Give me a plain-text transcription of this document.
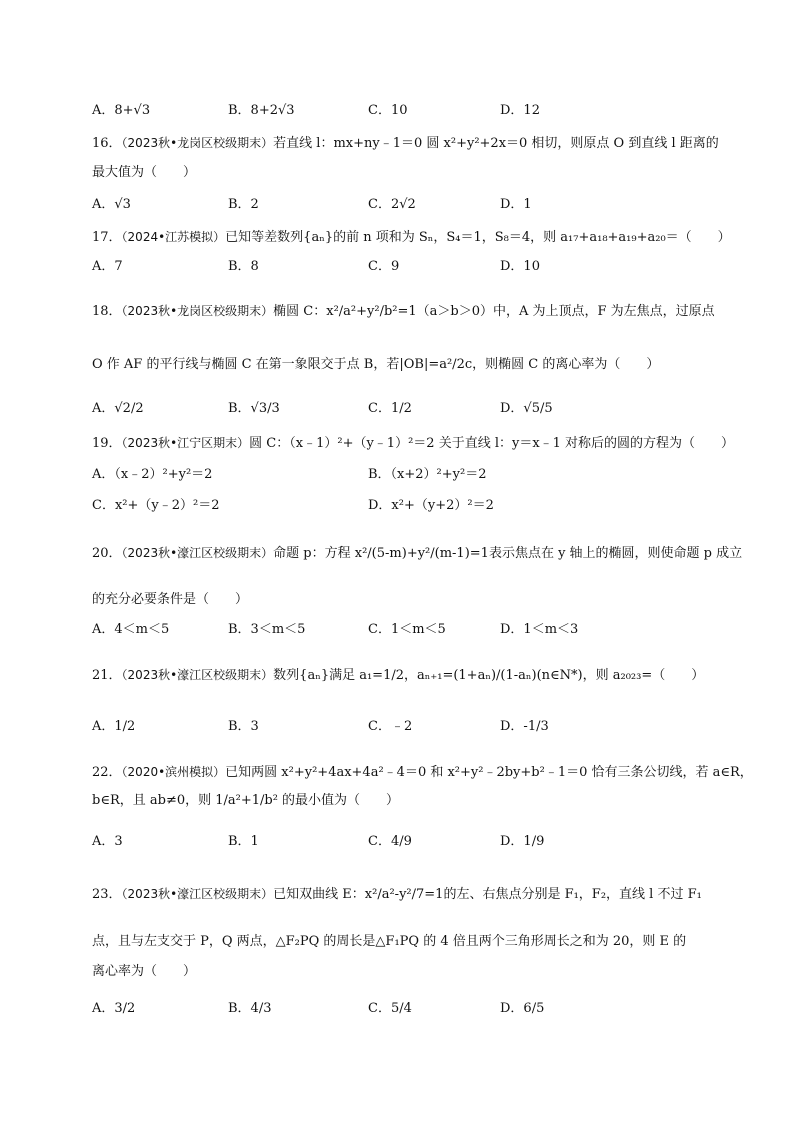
A．8+√3	B．8+2√3	C．10	D．12
16．（2023秋•龙岗区校级期末）若直线 l：mx+ny﹣1＝0 圆 x²+y²+2x＝0 相切，则原点 O 到直线 l 距离的
最大值为（　　）
A．√3	B．2	C．2√2	D．1
17．（2024•江苏模拟）已知等差数列{aₙ}的前 n 项和为 Sₙ，S₄＝1，S₈＝4，则 a₁₇+a₁₈+a₁₉+a₂₀＝（　　）
A．7	B．8	C．9	D．10
18．（2023秋•龙岗区校级期末）椭圆 C：x²/a²+y²/b²=1（a＞b＞0）中，A 为上顶点，F 为左焦点，过原点
O 作 AF 的平行线与椭圆 C 在第一象限交于点 B，若|OB|=a²/2c，则椭圆 C 的离心率为（　　）
A．√2/2	B．√3/3	C．1/2	D．√5/5
19．（2023秋•江宁区期末）圆 C：（x﹣1）²+（y﹣1）²＝2 关于直线 l：y＝x﹣1 对称后的圆的方程为（　　）
A．（x﹣2）²+y²＝2	B．（x+2）²+y²＝2
C．x²+（y﹣2）²＝2	D．x²+（y+2）²＝2
20．（2023秋•濠江区校级期末）命题 p：方程 x²/(5-m)+y²/(m-1)=1表示焦点在 y 轴上的椭圆，则使命题 p 成立
的充分必要条件是（　　）
A．4＜m＜5	B．3＜m＜5	C．1＜m＜5	D．1＜m＜3
21．（2023秋•濠江区校级期末）数列{aₙ}满足 a₁=1/2，aₙ₊₁=(1+aₙ)/(1-aₙ)(n∈N*)，则 a₂₀₂₃=（　　）
A．1/2	B．3	C．﹣2	D．-1/3
22．（2020•滨州模拟）已知两圆 x²+y²+4ax+4a²﹣4＝0 和 x²+y²﹣2by+b²﹣1＝0 恰有三条公切线，若 a∈R，
b∈R，且 ab≠0，则 1/a²+1/b² 的最小值为（　　）
A．3	B．1	C．4/9	D．1/9
23．（2023秋•濠江区校级期末）已知双曲线 E：x²/a²-y²/7=1的左、右焦点分别是 F₁，F₂，直线 l 不过 F₁
点，且与左支交于 P，Q 两点，△F₂PQ 的周长是△F₁PQ 的 4 倍且两个三角形周长之和为 20，则 E 的
离心率为（　　）
A．3/2	B．4/3	C．5/4	D．6/5
